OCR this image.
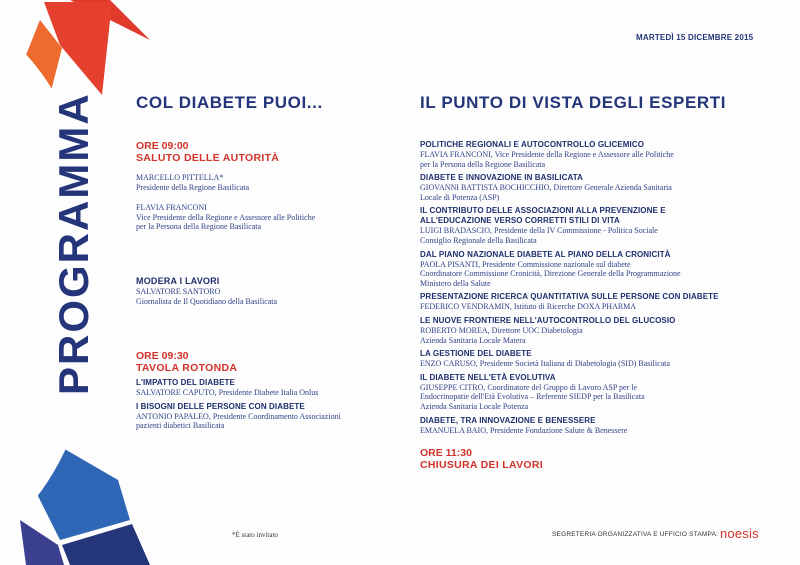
PROGRAMMA
MARTEDÌ 15 DICEMBRE 2015
COL DIABETE PUOI...	IL PUNTO DI VISTA DEGLI ESPERTI
ORE 09:00
SALUTO DELLE AUTORITÀ
MARCELLO PITTELLA*
Presidente della Regione Basilicata
FLAVIA FRANCONI
Vice Presidente della Regione e Assessore alle Politiche
per la Persona della Regione Basilicata
MODERA I LAVORI
SALVATORE SANTORO
Giornalista de Il Quotidiano della Basilicata
ORE 09:30
TAVOLA ROTONDA
L'IMPATTO DEL DIABETE
SALVATORE CAPUTO, Presidente Diabete Italia Onlus
I BISOGNI DELLE PERSONE CON DIABETE
ANTONIO PAPALEO, Presidente Coordinamento Associazioni
pazienti diabetici Basilicata
POLITICHE REGIONALI E AUTOCONTROLLO GLICEMICO
FLAVIA FRANCONI, Vice Presidente della Regione e Assessore alle Politiche
per la Persona della Regione Basilicata
DIABETE E INNOVAZIONE IN BASILICATA
GIOVANNI BATTISTA BOCHICCHIO, Direttore Generale Azienda Sanitaria
Locale di Potenza (ASP)
IL CONTRIBUTO DELLE ASSOCIAZIONI ALLA PREVENZIONE E
ALL'EDUCAZIONE VERSO CORRETTI STILI DI VITA
LUIGI BRADASCIO, Presidente della IV Commissione - Politica Sociale
Consiglio Regionale della Basilicata
DAL PIANO NAZIONALE DIABETE AL PIANO DELLA CRONICITÀ
PAOLA PISANTI, Presidente Commissione nazionale sul diabete
Coordinatore Commissione Cronicità, Direzione Generale della Programmazione
Ministero della Salute
PRESENTAZIONE RICERCA QUANTITATIVA SULLE PERSONE CON DIABETE
FEDERICO VENDRAMIN, Istituto di Ricerche DOXA PHARMA
LE NUOVE FRONTIERE NELL'AUTOCONTROLLO DEL GLUCOSIO
ROBERTO MOREA, Direttore UOC Diabetologia
Azienda Sanitaria Locale Matera
LA GESTIONE DEL DIABETE
ENZO CARUSO, Presidente Società Italiana di Diabetologia (SID) Basilicata
IL DIABETE NELL'ETÀ EVOLUTIVA
GIUSEPPE CITRO, Coordinatore del Gruppo di Lavoro ASP per le
Endocrinopatie dell'Età Evolutiva – Referente SIEDP per la Basilicata
Azienda Sanitaria Locale Potenza
DIABETE, TRA INNOVAZIONE E BENESSERE
EMANUELA BAIO, Presidente Fondazione Salute & Benessere
ORE 11:30
CHIUSURA DEI LAVORI
*È stato invitato	SEGRETERIA ORGANIZZATIVA E UFFICIO STAMPA: noesis
